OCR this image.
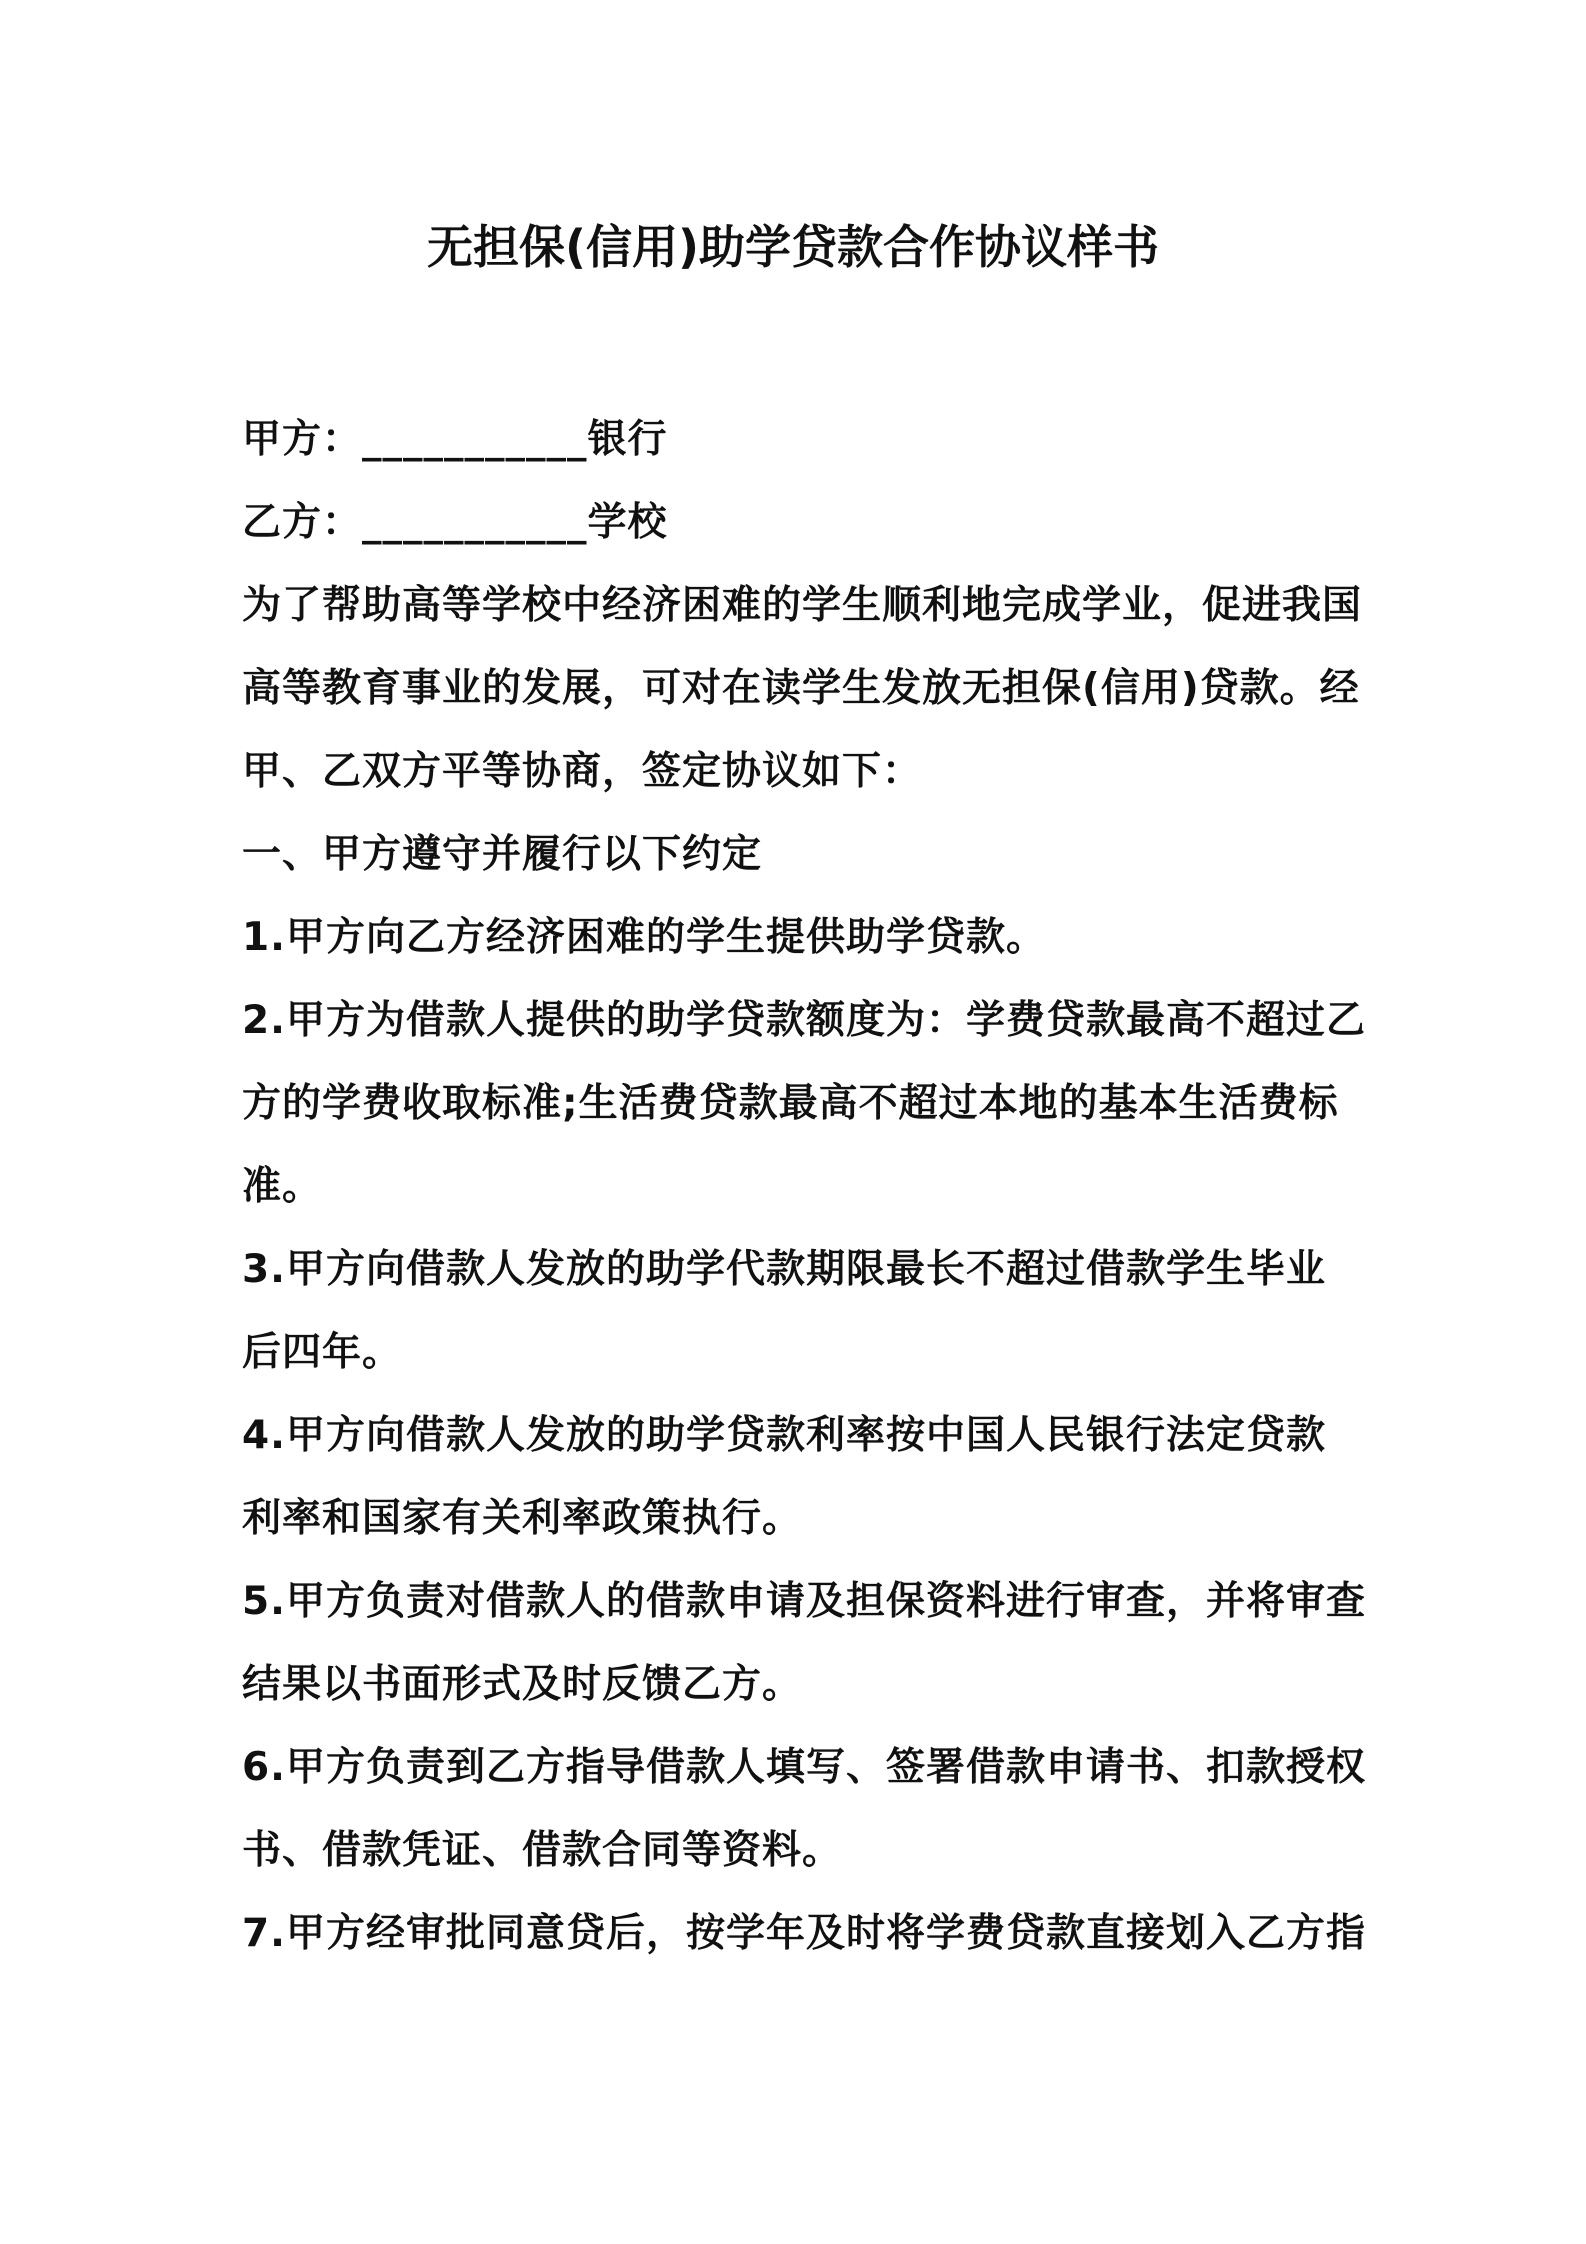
无担保(信用)助学贷款合作协议样书
甲方：___________银行
乙方：___________学校
为了帮助高等学校中经济困难的学生顺利地完成学业，促进我国
高等教育事业的发展，可对在读学生发放无担保(信用)贷款。经
甲、乙双方平等协商，签定协议如下：
一、甲方遵守并履行以下约定
1.甲方向乙方经济困难的学生提供助学贷款。
2.甲方为借款人提供的助学贷款额度为：学费贷款最高不超过乙
方的学费收取标准;生活费贷款最高不超过本地的基本生活费标
准。
3.甲方向借款人发放的助学代款期限最长不超过借款学生毕业
后四年。
4.甲方向借款人发放的助学贷款利率按中国人民银行法定贷款
利率和国家有关利率政策执行。
5.甲方负责对借款人的借款申请及担保资料进行审查，并将审查
结果以书面形式及时反馈乙方。
6.甲方负责到乙方指导借款人填写、签署借款申请书、扣款授权
书、借款凭证、借款合同等资料。
7.甲方经审批同意贷后，按学年及时将学费贷款直接划入乙方指
